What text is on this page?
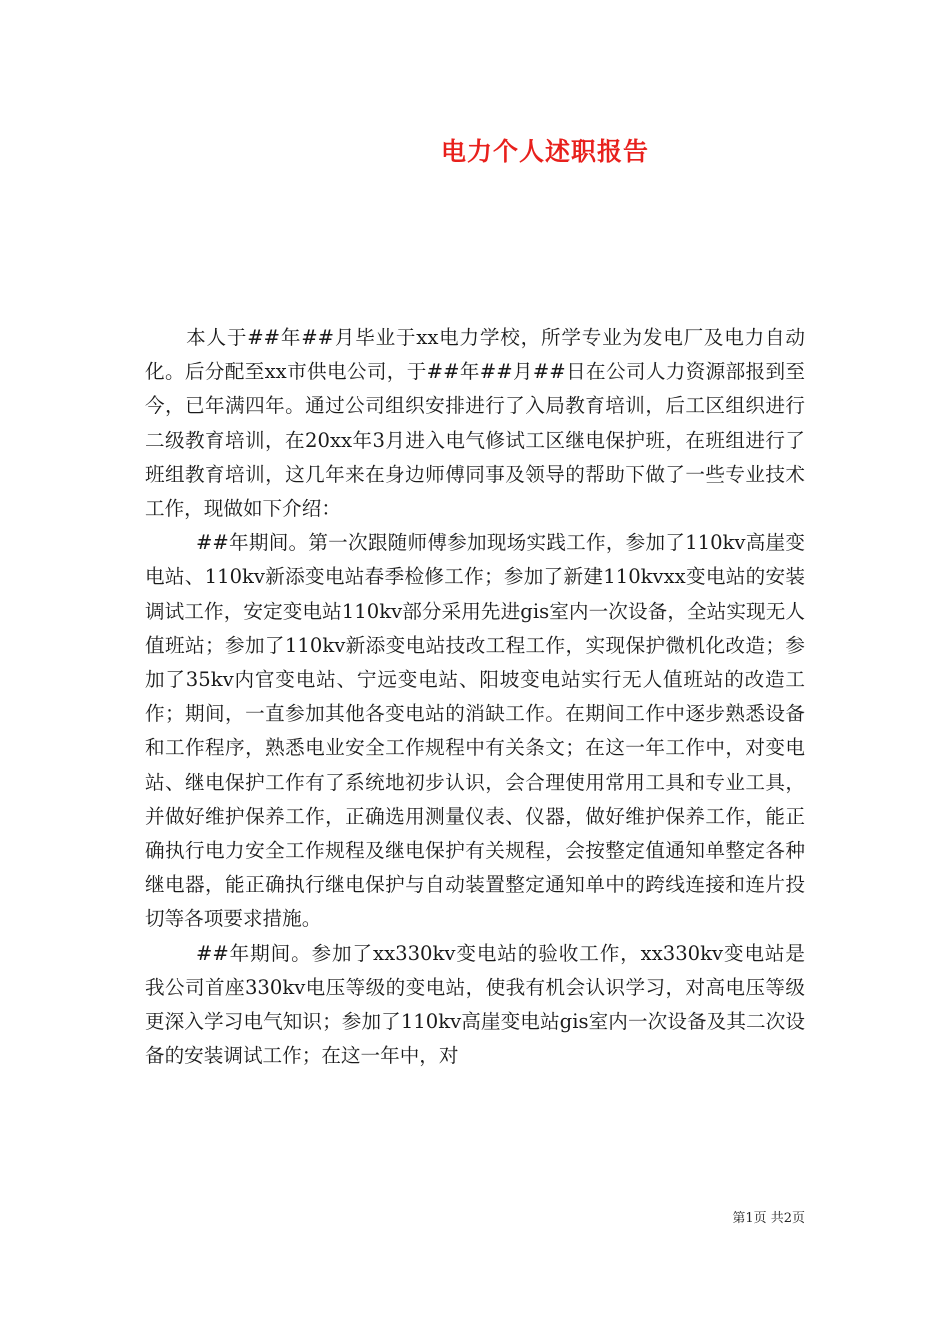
电力个人述职报告

本人于##年##月毕业于xx电力学校，所学专业为发电厂及电力自动化。后分配至xx市供电公司，于##年##月##日在公司人力资源部报到至今，已年满四年。通过公司组织安排进行了入局教育培训，后工区组织进行二级教育培训，在20xx年3月进入电气修试工区继电保护班，在班组进行了班组教育培训，这几年来在身边师傅同事及领导的帮助下做了一些专业技术工作，现做如下介绍：

##年期间。第一次跟随师傅参加现场实践工作，参加了110kv高崖变电站、110kv新添变电站春季检修工作；参加了新建110kvxx变电站的安装调试工作，安定变电站110kv部分采用先进gis室内一次设备，全站实现无人值班站；参加了110kv新添变电站技改工程工作，实现保护微机化改造；参加了35kv内官变电站、宁远变电站、阳坡变电站实行无人值班站的改造工作；期间，一直参加其他各变电站的消缺工作。在期间工作中逐步熟悉设备和工作程序，熟悉电业安全工作规程中有关条文；在这一年工作中，对变电站、继电保护工作有了系统地初步认识，会合理使用常用工具和专业工具，并做好维护保养工作，正确选用测量仪表、仪器，做好维护保养工作，能正确执行电力安全工作规程及继电保护有关规程，会按整定值通知单整定各种继电器，能正确执行继电保护与自动装置整定通知单中的跨线连接和连片投切等各项要求措施。

##年期间。参加了xx330kv变电站的验收工作，xx330kv变电站是我公司首座330kv电压等级的变电站，使我有机会认识学习，对高电压等级更深入学习电气知识；参加了110kv高崖变电站gis室内一次设备及其二次设备的安装调试工作；在这一年中，对

第1页 共2页
